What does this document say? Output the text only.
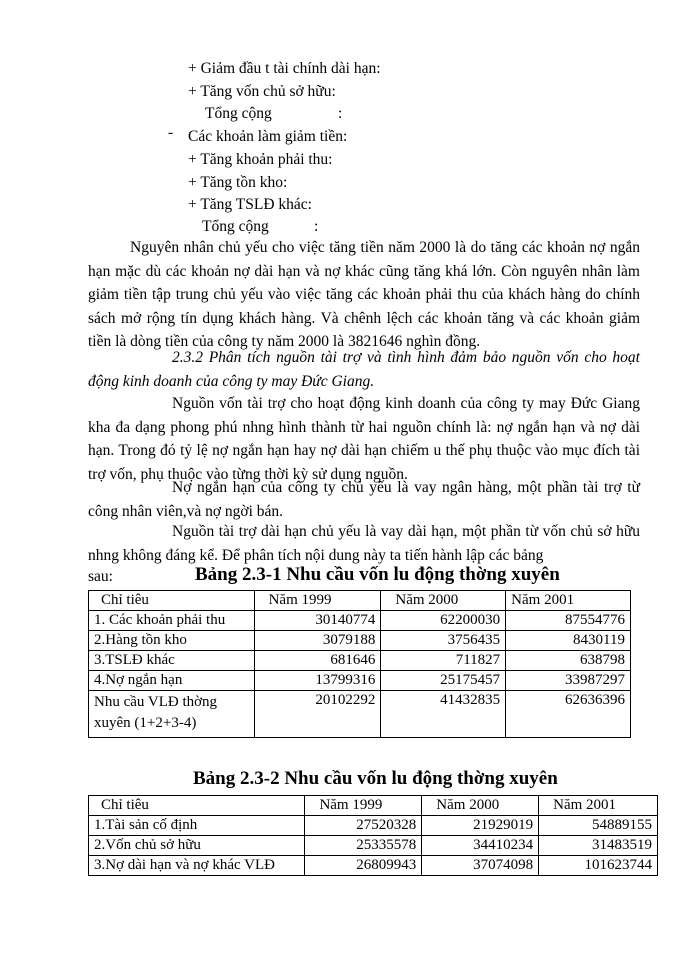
+ Giảm đầu t tài chính dài hạn:
+ Tăng vốn chủ sở hữu:
Tổng cộng	:
- Các khoản làm giảm tiền:
+ Tăng khoản phải thu:
+ Tăng tồn kho:
+ Tăng TSLĐ khác:
Tổng cộng	:

Nguyên nhân chủ yếu cho việc tăng tiền năm 2000 là do tăng các khoản nợ ngắn hạn mặc dù các khoản nợ dài hạn và nợ khác cũng tăng khá lớn. Còn nguyên nhân làm giảm tiền tập trung chủ yếu vào việc tăng các khoản phải thu của khách hàng do chính sách mở rộng tín dụng khách hàng. Và chênh lệch các khoản tăng và các khoản giảm tiền là dòng tiền của công ty năm 2000 là 3821646 nghìn đồng.

2.3.2 Phân tích nguồn tài trợ và tình hình đảm bảo nguồn vốn cho hoạt động kinh doanh của công ty may Đức Giang.

Nguồn vốn tài trợ cho hoạt động kinh doanh của công ty may Đức Giang kha đa dạng phong phú nhng hình thành từ hai nguồn chính là: nợ ngắn hạn và nợ dài hạn. Trong đó tỷ lệ nợ ngắn hạn hay nợ dài hạn chiếm u thế phụ thuộc vào mục đích tài trợ vốn, phụ thuộc vào từng thời kỳ sử dụng nguồn.

Nợ ngắn hạn của công ty chủ yếu là vay ngân hàng, một phần tài trợ từ công nhân viên,và nợ ngời bán.

Nguồn tài trợ dài hạn chủ yếu là vay dài hạn, một phần từ vốn chủ sở hữu nhng không đáng kể. Để phân tích nội dung này ta tiến hành lập các bảng

sau:	Bảng 2.3-1 Nhu cầu vốn lu động thờng xuyên
Chỉ tiêu	Năm 1999	Năm 2000	Năm 2001
1. Các khoản phải thu	30140774	62200030	87554776
2.Hàng tồn kho	3079188	3756435	8430119
3.TSLĐ khác	681646	711827	638798
4.Nợ ngắn hạn	13799316	25175457	33987297
Nhu cầu VLĐ thờng xuyên (1+2+3-4)	20102292	41432835	62636396
Bảng 2.3-2 Nhu cầu vốn lu động thờng xuyên
Chỉ tiêu	Năm 1999	Năm 2000	Năm 2001
1.Tài sản cố định	27520328	21929019	54889155
2.Vốn chủ sở hữu	25335578	34410234	31483519
3.Nợ dài hạn và nợ khác VLĐ	26809943	37074098	101623744
